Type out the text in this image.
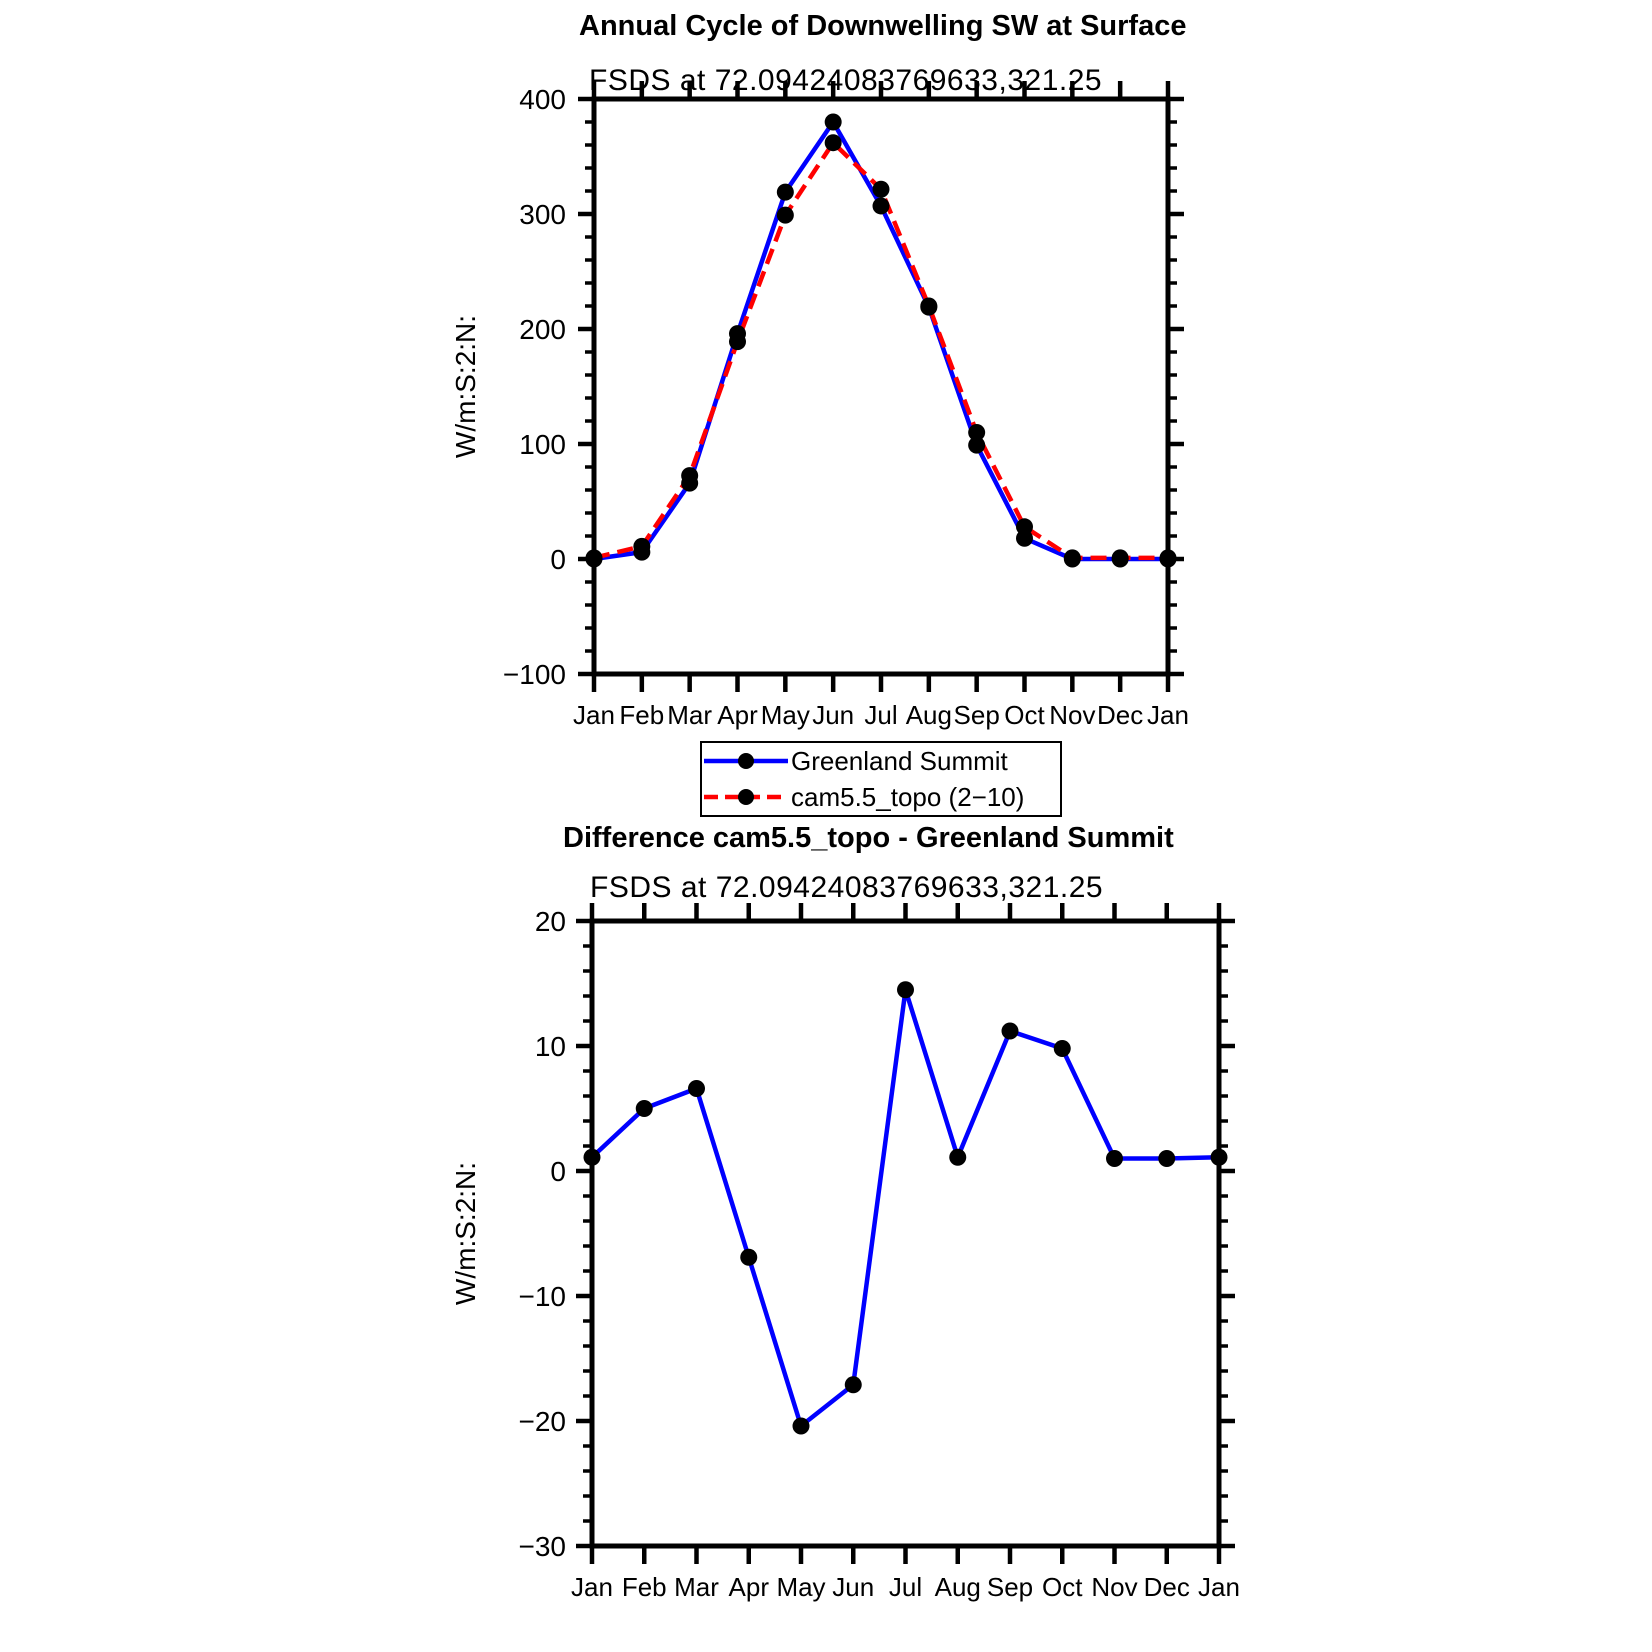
−100
0
100
200
300
400
Jan Feb Mar Apr May Jun Jul Aug Sep Oct Nov Dec Jan
W/m:S:2:N:
−30
−20
−10
0
10
20
Jan Feb Mar Apr May Jun Jul Aug Sep Oct Nov Dec Jan
W/m:S:2:N:
Annual Cycle of Downwelling SW at Surface
FSDS at 72.09424083769633,321.25
Greenland Summit
cam5.5_topo (2−10)
Difference cam5.5_topo - Greenland Summit
FSDS at 72.09424083769633,321.25
